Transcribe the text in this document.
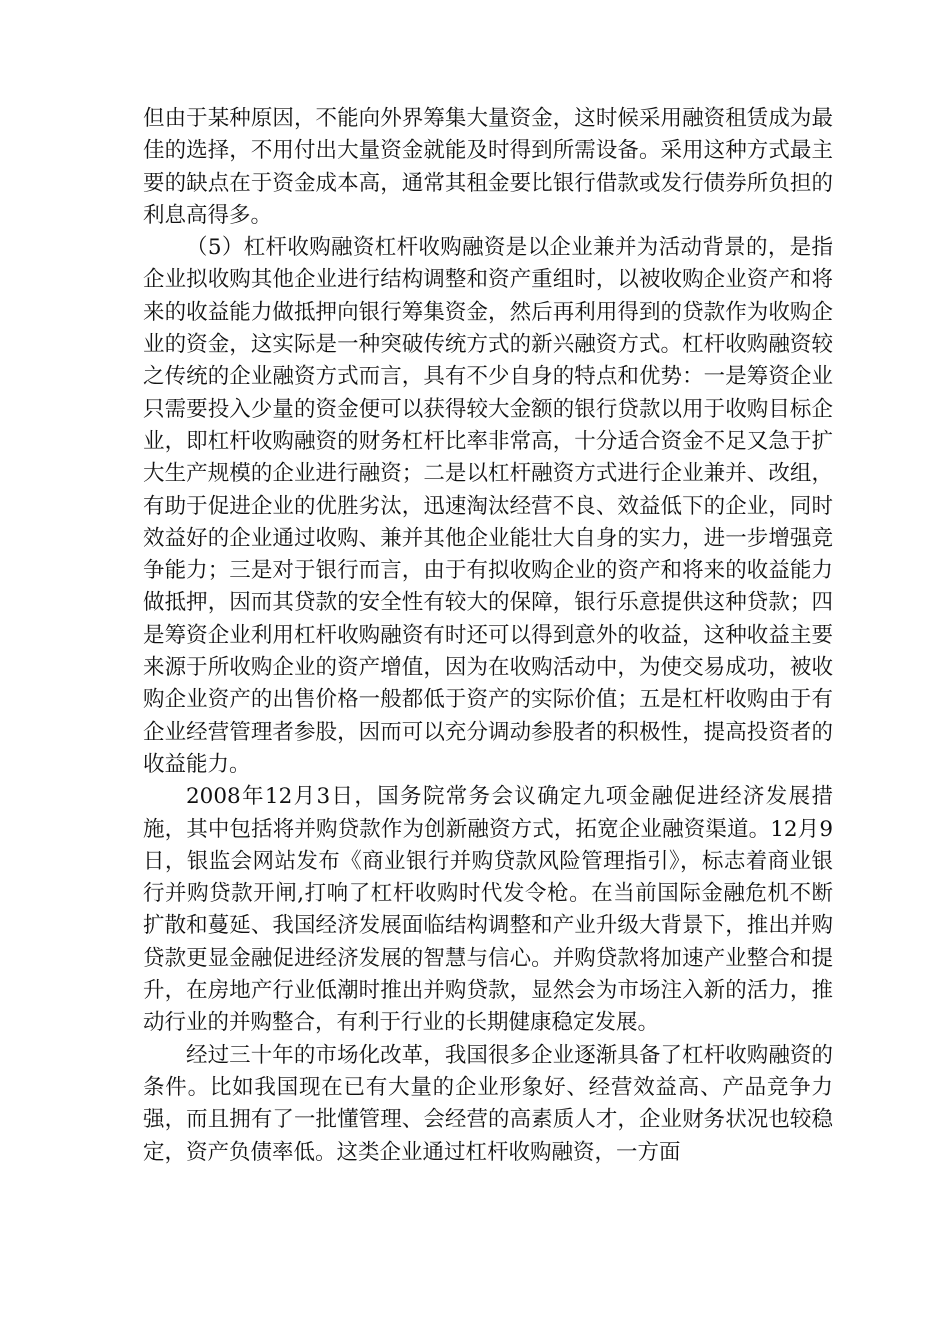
但由于某种原因，不能向外界筹集大量资金，这时候采用融资租赁成为最佳的选择，不用付出大量资金就能及时得到所需设备。采用这种方式最主要的缺点在于资金成本高，通常其租金要比银行借款或发行债券所负担的利息高得多。

（5）杠杆收购融资杠杆收购融资是以企业兼并为活动背景的，是指企业拟收购其他企业进行结构调整和资产重组时，以被收购企业资产和将来的收益能力做抵押向银行筹集资金，然后再利用得到的贷款作为收购企业的资金，这实际是一种突破传统方式的新兴融资方式。杠杆收购融资较之传统的企业融资方式而言，具有不少自身的特点和优势：一是筹资企业只需要投入少量的资金便可以获得较大金额的银行贷款以用于收购目标企业，即杠杆收购融资的财务杠杆比率非常高，十分适合资金不足又急于扩大生产规模的企业进行融资；二是以杠杆融资方式进行企业兼并、改组，有助于促进企业的优胜劣汰，迅速淘汰经营不良、效益低下的企业，同时效益好的企业通过收购、兼并其他企业能壮大自身的实力，进一步增强竞争能力；三是对于银行而言，由于有拟收购企业的资产和将来的收益能力做抵押，因而其贷款的安全性有较大的保障，银行乐意提供这种贷款；四是筹资企业利用杠杆收购融资有时还可以得到意外的收益，这种收益主要来源于所收购企业的资产增值，因为在收购活动中，为使交易成功，被收购企业资产的出售价格一般都低于资产的实际价值；五是杠杆收购由于有企业经营管理者参股，因而可以充分调动参股者的积极性，提高投资者的收益能力。

2008年12月3日，国务院常务会议确定九项金融促进经济发展措施，其中包括将并购贷款作为创新融资方式，拓宽企业融资渠道。12月9日，银监会网站发布《商业银行并购贷款风险管理指引》，标志着商业银行并购贷款开闸,打响了杠杆收购时代发令枪。在当前国际金融危机不断扩散和蔓延、我国经济发展面临结构调整和产业升级大背景下，推出并购贷款更显金融促进经济发展的智慧与信心。并购贷款将加速产业整合和提升，在房地产行业低潮时推出并购贷款，显然会为市场注入新的活力，推动行业的并购整合，有利于行业的长期健康稳定发展。

经过三十年的市场化改革，我国很多企业逐渐具备了杠杆收购融资的条件。比如我国现在已有大量的企业形象好、经营效益高、产品竞争力强，而且拥有了一批懂管理、会经营的高素质人才，企业财务状况也较稳定，资产负债率低。这类企业通过杠杆收购融资，一方面
